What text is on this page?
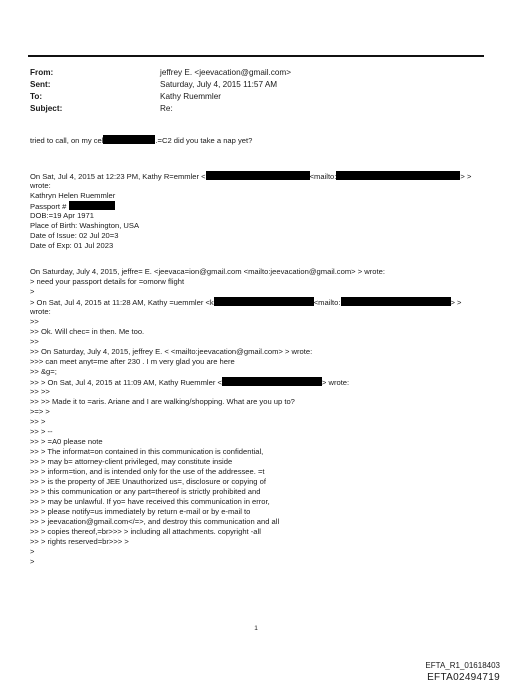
From:	jeffrey E. <jeevacation@gmail.com>
Sent:	Saturday, July 4, 2015 11:57 AM
To:	Kathy Ruemmler
Subject:	Re:
tried to call, on my cel	.=C2 did you take a nap yet?
On Sat, Jul 4, 2015 at 12:23 PM, Kathy R=emmler <	<mailto:	> >
wrote:
Kathryn Helen Ruemmler
Passport #
DOB:=19 Apr 1971
Place of Birth: Washington, USA
Date of Issue: 02 Jul 20=3
Date of Exp: 01 Jul 2023
On Saturday, July 4, 2015, jeffre= E. <jeevaca=ion@gmail.com <mailto:jeevacation@gmail.com> > wrote:
> need your passport details for =omorw flight
>
> On Sat, Jul 4, 2015 at 11:28 AM, Kathy =uemmler <k	<mailto:	> >
wrote:
>>
>> Ok. Will chec= in then. Me too.
>>
>> On Saturday, July 4, 2015, jeffrey E. < <mailto:jeevacation@gmail.com> > wrote:
>>> can meet anyt=me after 230 . I m very glad you are here
>> &g=;
>> > On Sat, Jul 4, 2015 at 11:09 AM, Kathy Ruemmler <	> wrote:
>> >>
>> >> Made it to =aris. Ariane and I are walking/shopping. What are you up to?
>=> >
>> >
>> > --
>> > =A0 please note
>> > The informat=on contained in this communication is confidential,
>> > may b= attorney-client privileged, may constitute inside
>> > inform=tion, and is intended only for the use of the addressee. =t
>> > is the property of JEE Unauthorized us=, disclosure or copying of
>> > this communication or any part=thereof is strictly prohibited and
>> > may be unlawful. If yo= have received this communication in error,
>> > please notify=us immediately by return e-mail or by e-mail to
>> > jeevacation@gmail.com</=>, and destroy this communication and all
>> > copies thereof,=br>>> > including all attachments. copyright -all
>> > rights reserved=br>>> >
>
>
1
EFTA_R1_01618403
EFTA02494719
